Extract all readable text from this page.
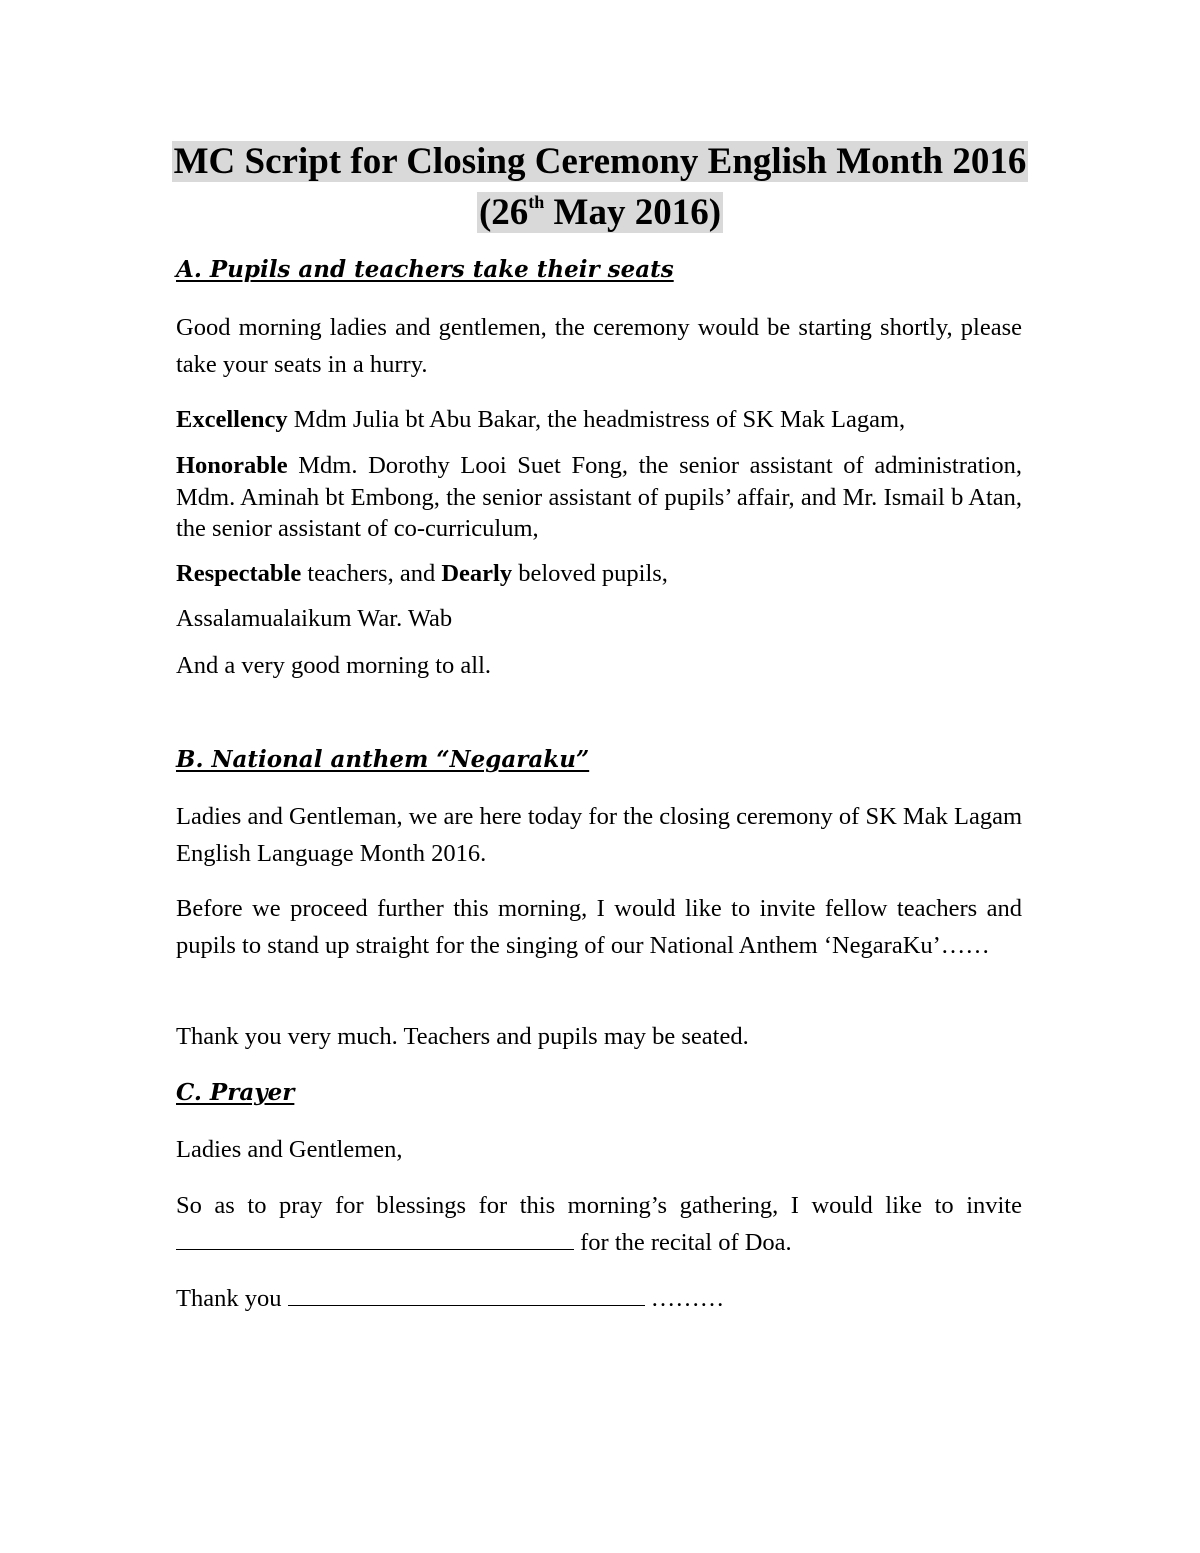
MC Script for Closing Ceremony English Month 2016
(26th May 2016)
A. Pupils and teachers take their seats
Good morning ladies and gentlemen, the ceremony would be starting shortly, please take your seats in a hurry.
Excellency Mdm Julia bt Abu Bakar, the headmistress of SK Mak Lagam,
Honorable Mdm. Dorothy Looi Suet Fong, the senior assistant of administration, Mdm. Aminah bt Embong, the senior assistant of pupils’ affair, and Mr. Ismail b Atan, the senior assistant of co-curriculum,
Respectable teachers, and Dearly beloved pupils,
Assalamualaikum War. Wab
And a very good morning to all.
B. National anthem “Negaraku”
Ladies and Gentleman, we are here today for the closing ceremony of SK Mak Lagam English Language Month 2016.
Before we proceed further this morning, I would like to invite fellow teachers and pupils to stand up straight for the singing of our National Anthem ‘NegaraKu’……
Thank you very much. Teachers and pupils may be seated.
C. Prayer
Ladies and Gentlemen,
So as to pray for blessings for this morning’s gathering, I would like to invite  for the recital of Doa.
Thank you	………
